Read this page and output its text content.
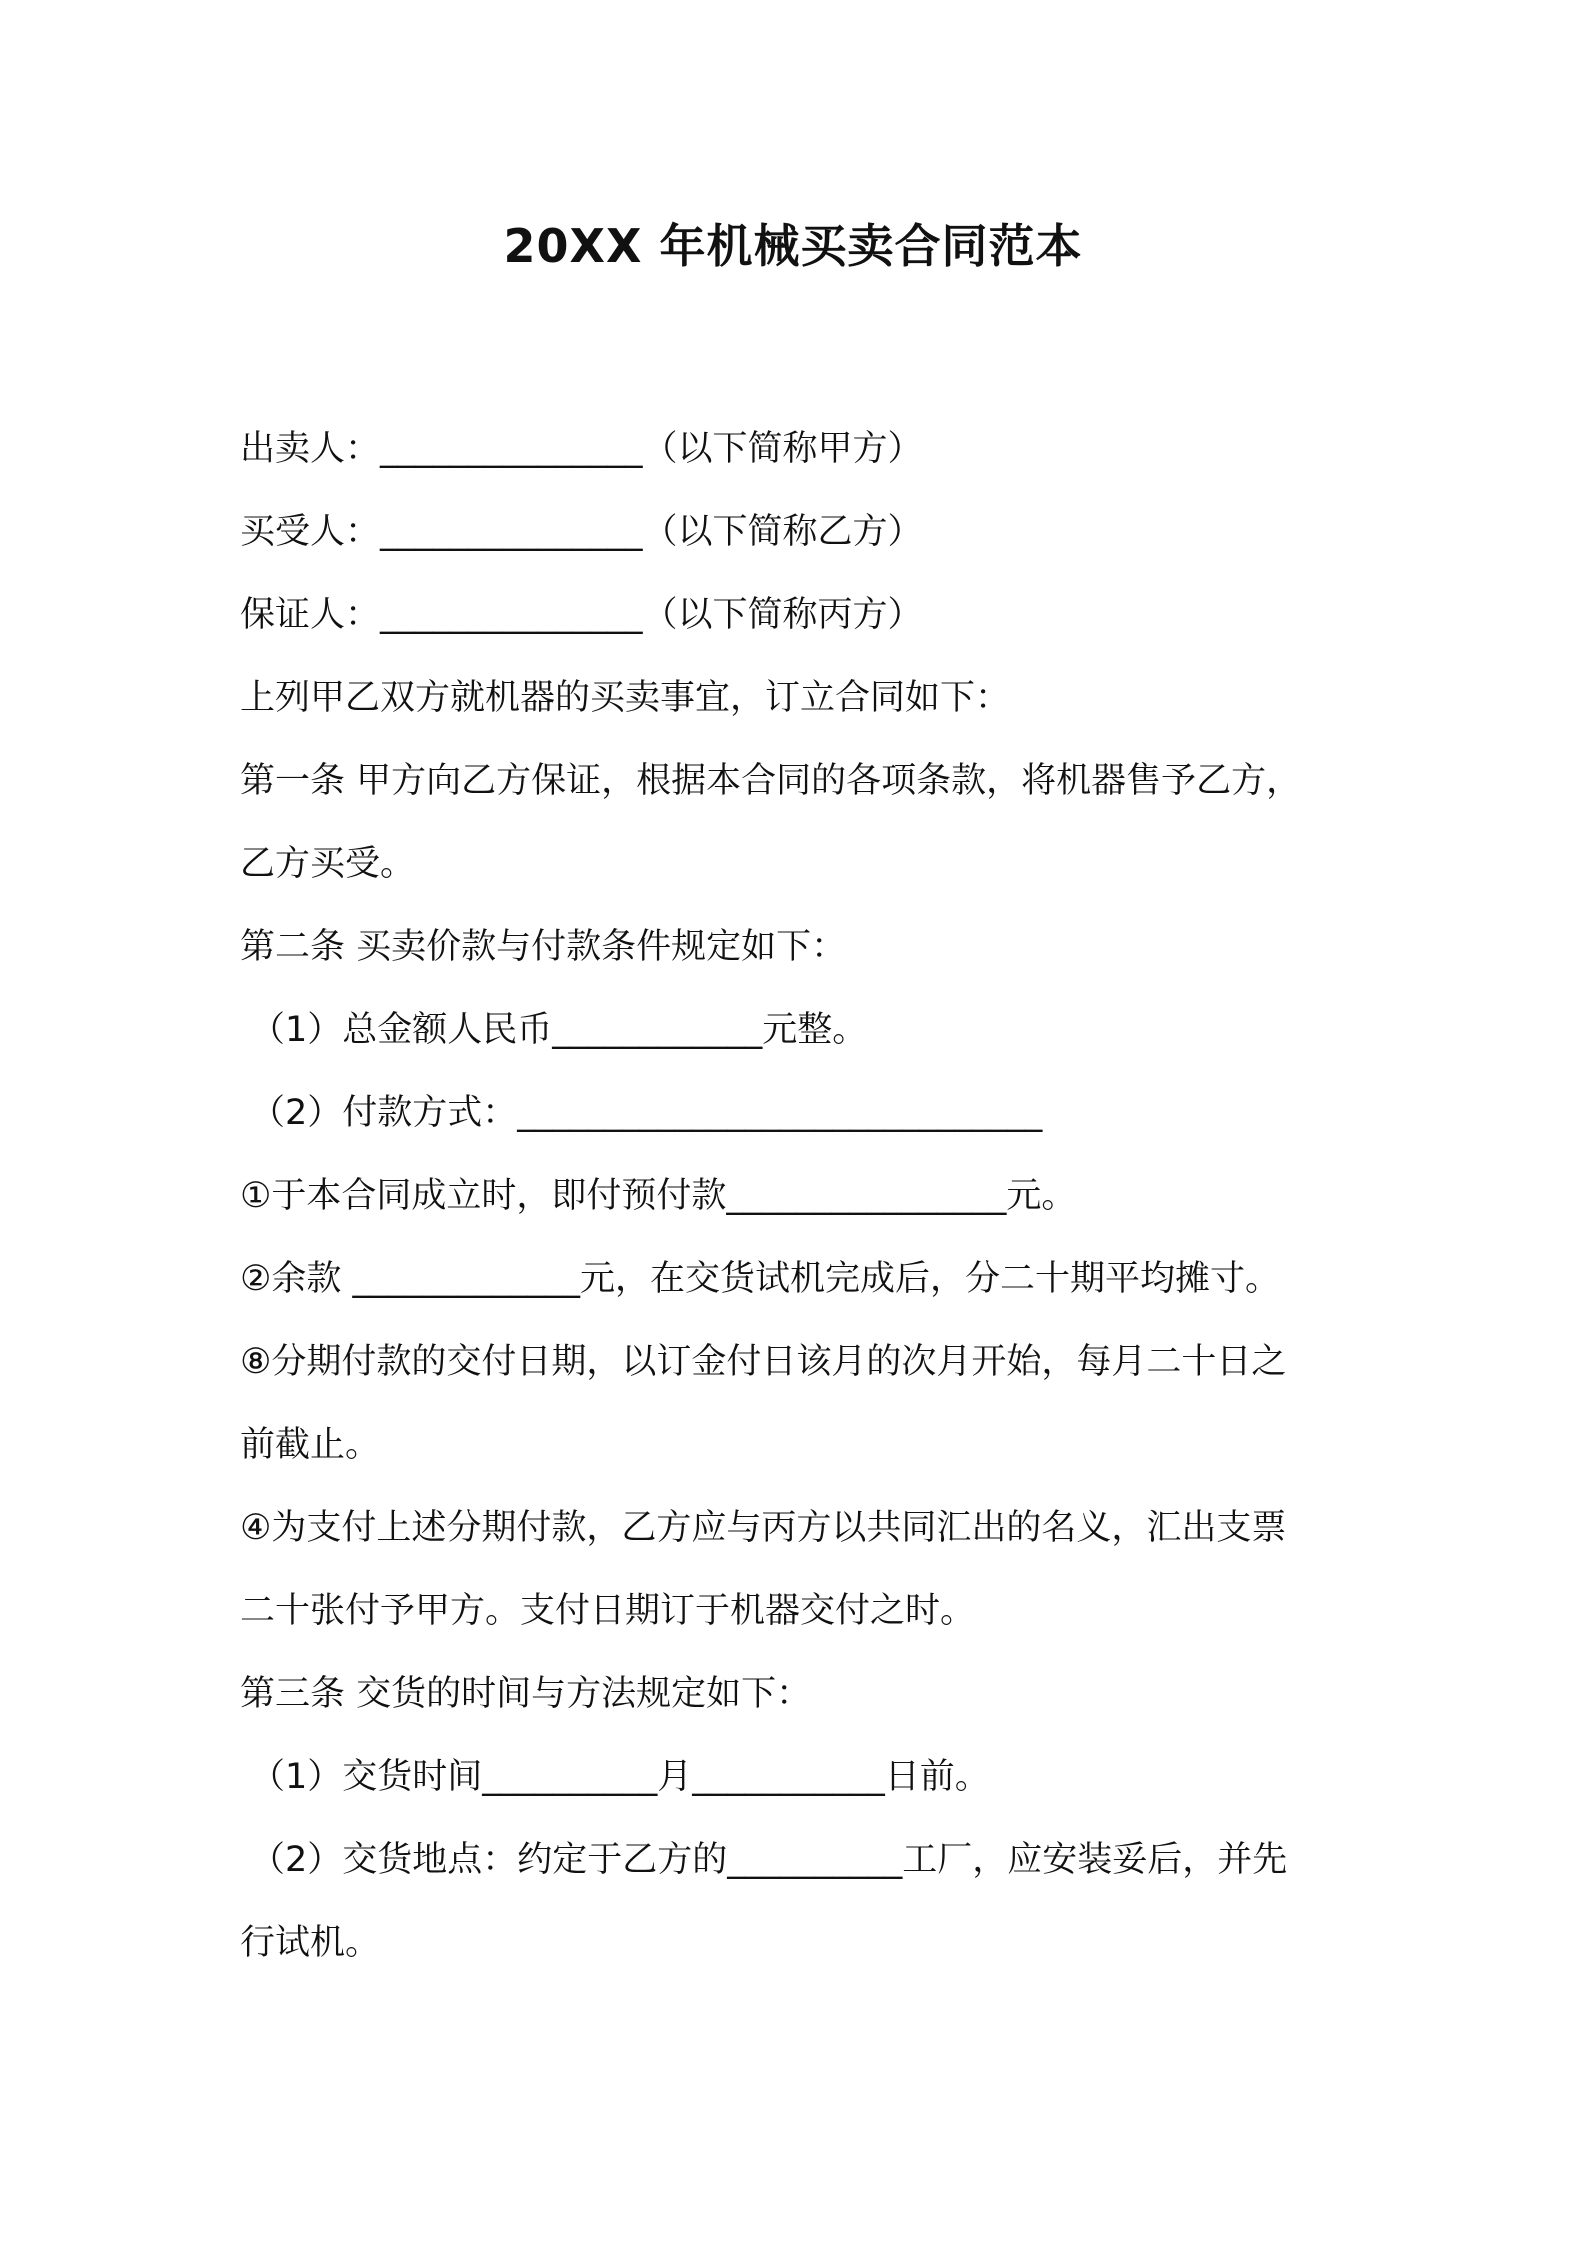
20XX 年机械买卖合同范本

出卖人：_______________（以下简称甲方）

买受人：_______________（以下简称乙方）

保证人：_______________（以下简称丙方）

上列甲乙双方就机器的买卖事宜，订立合同如下：

第一条 甲方向乙方保证，根据本合同的各项条款，将机器售予乙方，

乙方买受。

第二条 买卖价款与付款条件规定如下：

（1）总金额人民币____________元整。

（2）付款方式：______________________________

①于本合同成立时，即付预付款________________元。

②余款 _____________元，在交货试机完成后，分二十期平均摊寸。

⑧分期付款的交付日期，以订金付日该月的次月开始，每月二十日之

前截止。

④为支付上述分期付款，乙方应与丙方以共同汇出的名义，汇出支票

二十张付予甲方。支付日期订于机器交付之时。

第三条 交货的时间与方法规定如下：

（1）交货时间__________月___________日前。

（2）交货地点：约定于乙方的__________工厂，应安装妥后，并先

行试机。
